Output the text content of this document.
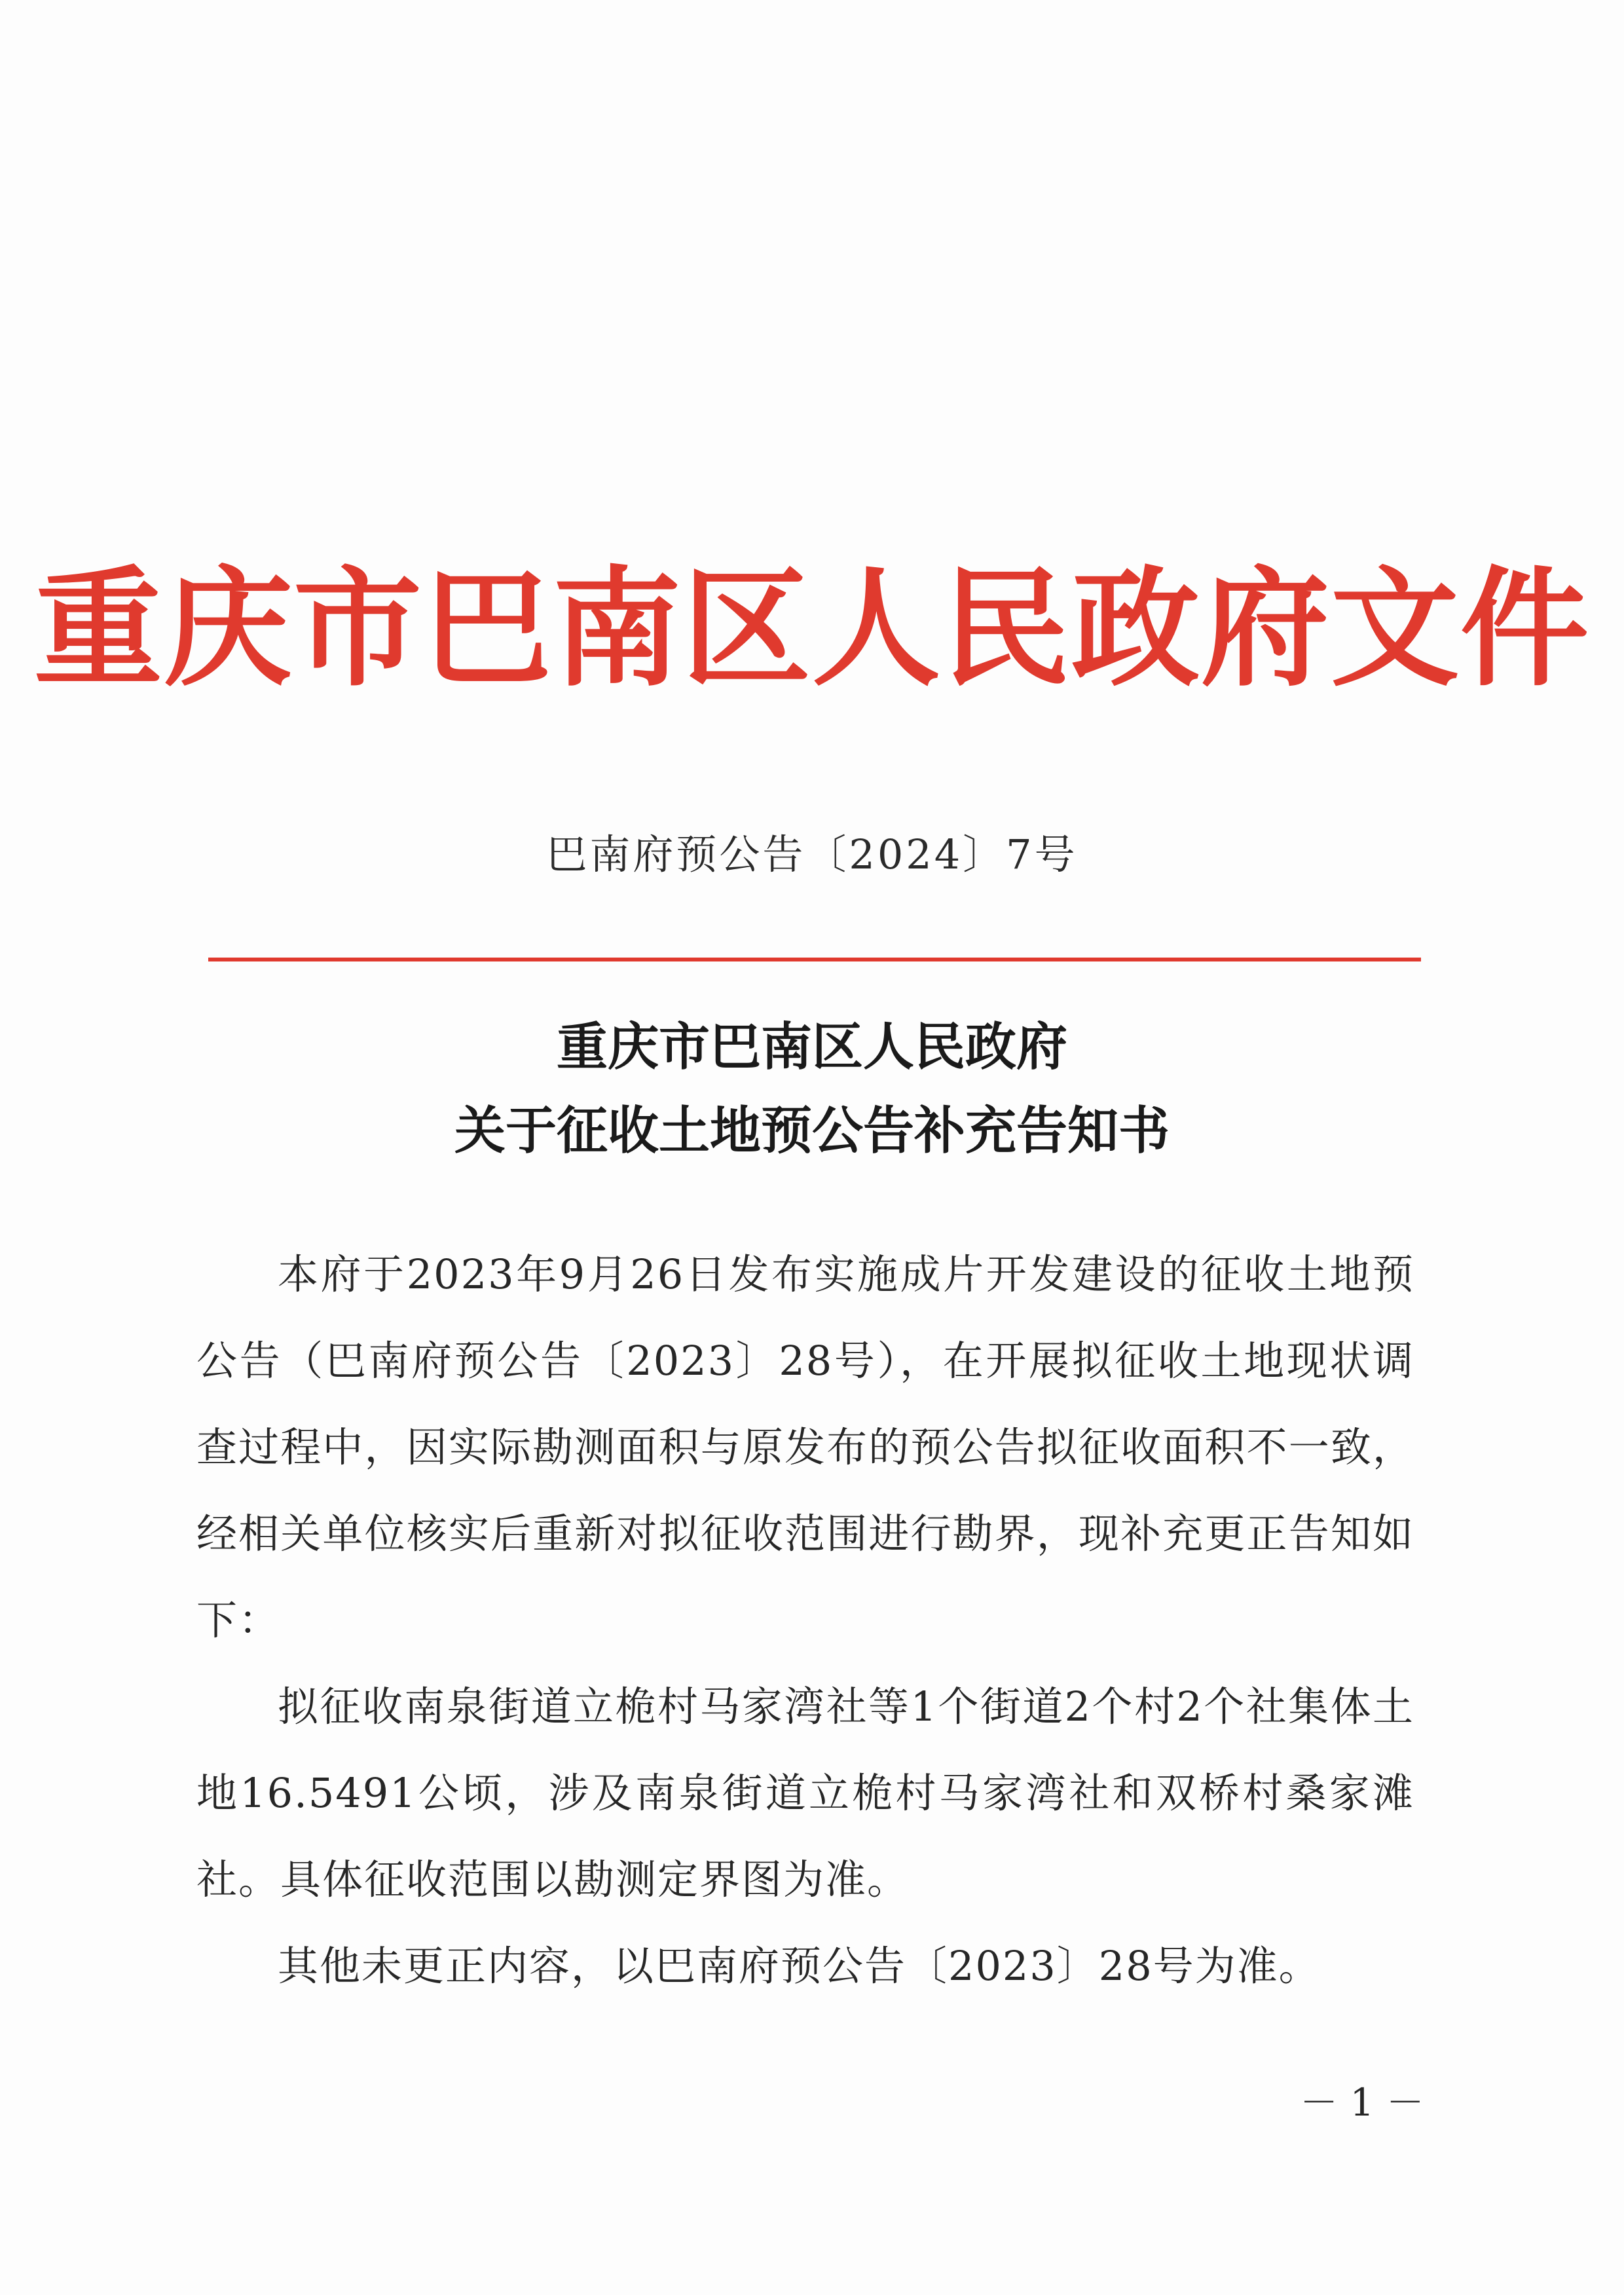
重庆市巴南区人民政府文件
巴南府预公告〔2024〕7号
重庆市巴南区人民政府
关于征收土地预公告补充告知书

本府于2023年9月26日发布实施成片开发建设的征收土地预公告（巴南府预公告〔2023〕28号），在开展拟征收土地现状调查过程中，因实际勘测面积与原发布的预公告拟征收面积不一致，经相关单位核实后重新对拟征收范围进行勘界，现补充更正告知如下：

拟征收南泉街道立桅村马家湾社等1个街道2个村2个社集体土地16.5491公顷，涉及南泉街道立桅村马家湾社和双桥村桑家滩社。具体征收范围以勘测定界图为准。

其他未更正内容，以巴南府预公告〔2023〕28号为准。

－ 1 －
